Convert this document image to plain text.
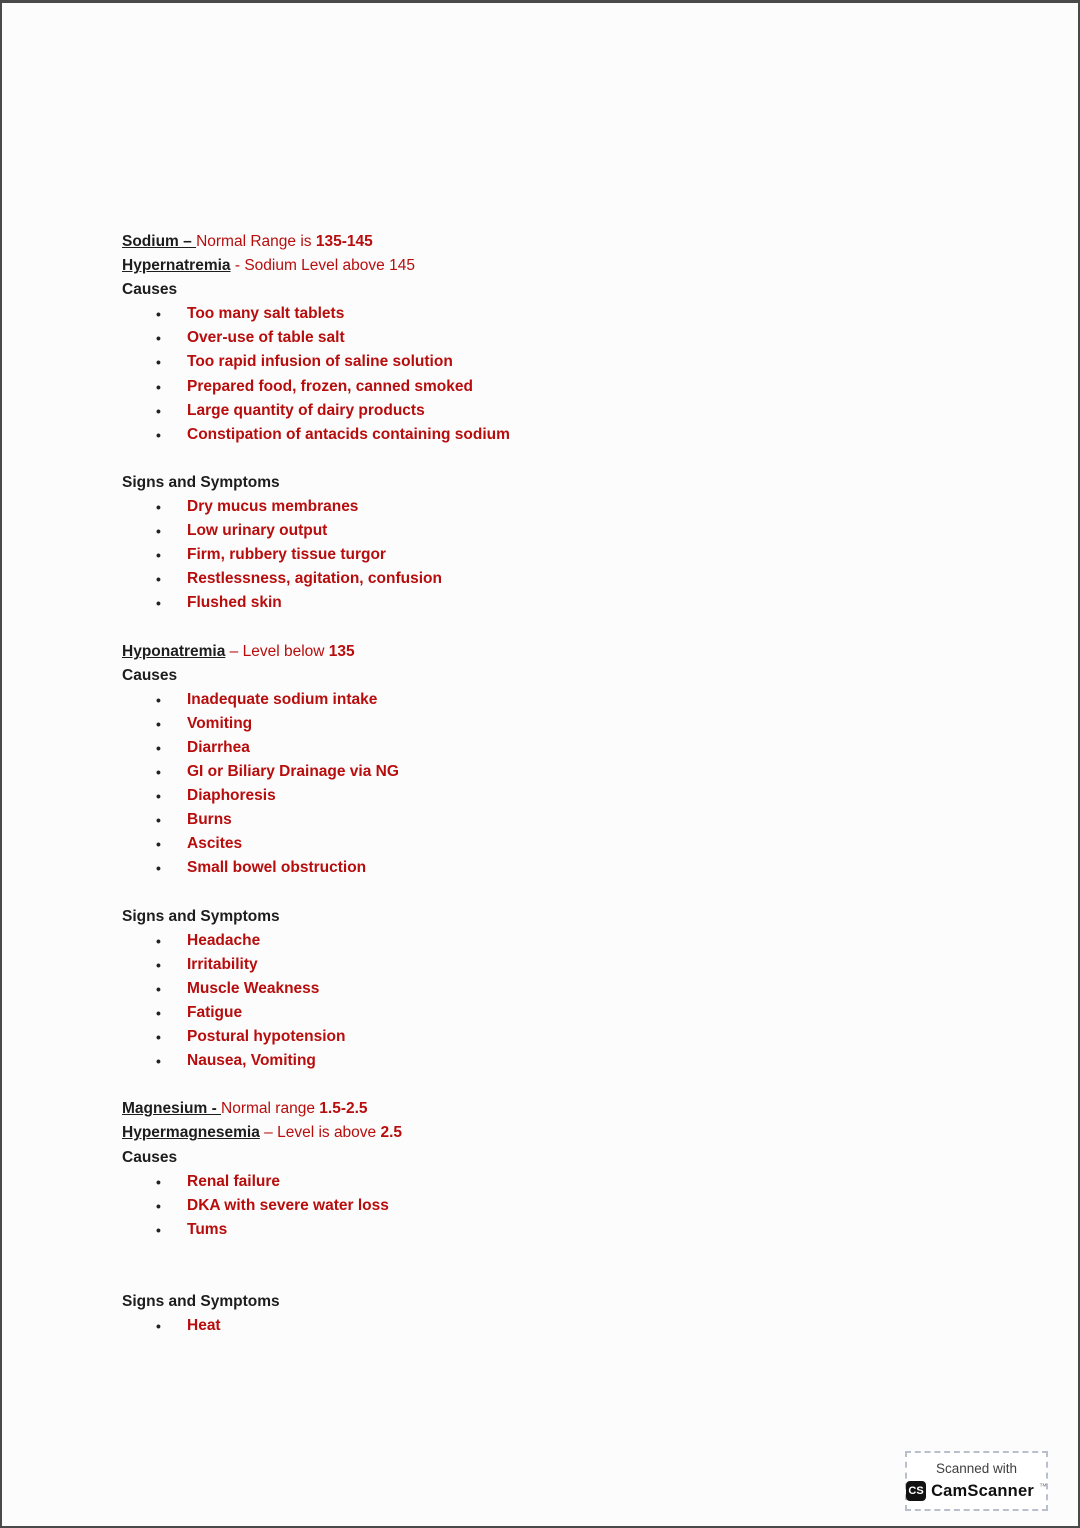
Sodium – Normal Range is 135-145

Hypernatremia - Sodium Level above 145

Causes

• Too many salt tablets
• Over-use of table salt
• Too rapid infusion of saline solution
• Prepared food, frozen, canned smoked
• Large quantity of dairy products
• Constipation of antacids containing sodium

Signs and Symptoms

• Dry mucus membranes
• Low urinary output
• Firm, rubbery tissue turgor
• Restlessness, agitation, confusion
• Flushed skin

Hyponatremia – Level below 135

Causes

• Inadequate sodium intake
• Vomiting
• Diarrhea
• GI or Biliary Drainage via NG
• Diaphoresis
• Burns
• Ascites
• Small bowel obstruction

Signs and Symptoms

• Headache
• Irritability
• Muscle Weakness
• Fatigue
• Postural hypotension
• Nausea, Vomiting

Magnesium - Normal range 1.5-2.5

Hypermagnesemia – Level is above 2.5

Causes

• Renal failure
• DKA with severe water loss
• Tums

Signs and Symptoms

• Heat
Scanned with
CS CamScanner ™
